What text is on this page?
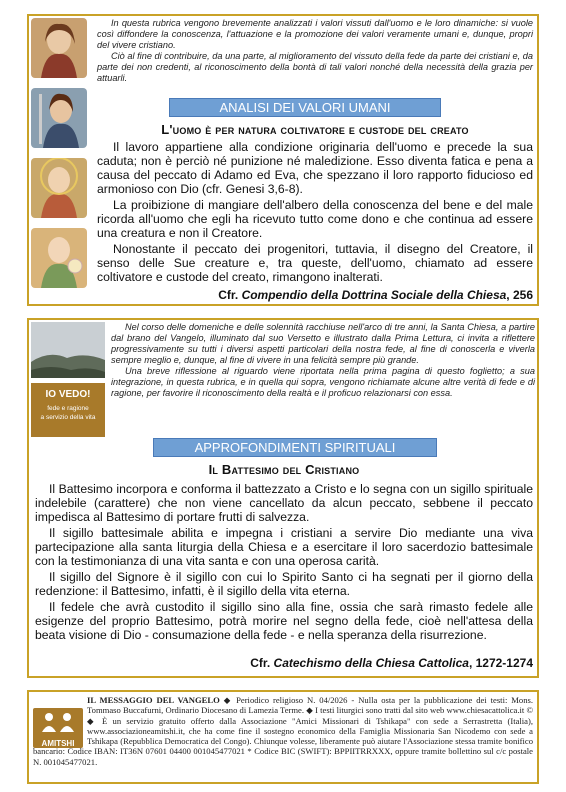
In questa rubrica vengono brevemente analizzati i valori vissuti dall'uomo e le loro dinamiche: si vuole così diffondere la conoscenza, l'attuazione e la promozione dei valori veramente umani e, dunque, propri del vivere cristiano.
Ciò al fine di contribuire, da una parte, al miglioramento del vissuto della fede da parte dei cristiani e, da parte dei non credenti, al riconoscimento della bontà di tali valori nonché della necessità della grazia per attuarli.
ANALISI DEI VALORI UMANI
L'uomo è per natura coltivatore e custode del creato
Il lavoro appartiene alla condizione originaria dell'uomo e precede la sua caduta; non è perciò né punizione né maledizione. Esso diventa fatica e pena a causa del peccato di Adamo ed Eva, che spezzano il loro rapporto fiducioso ed armonioso con Dio (cfr. Genesi 3,6-8).
La proibizione di mangiare dell'albero della conoscenza del bene e del male ricorda all'uomo che egli ha ricevuto tutto come dono e che continua ad essere una creatura e non il Creatore.
Nonostante il peccato dei progenitori, tuttavia, il disegno del Creatore, il senso delle Sue creature e, tra queste, dell'uomo, chiamato ad essere coltivatore e custode del creato, rimangono inalterati.
Cfr. Compendio della Dottrina Sociale della Chiesa, 256
IO VEDO!
fede e ragione
a servizio della vita
Nel corso delle domeniche e delle solennità racchiuse nell'arco di tre anni, la Santa Chiesa, a partire dal brano del Vangelo, illuminato dal suo Versetto e illustrato dalla Prima Lettura, ci invita a riflettere progressivamente su tutti i diversi aspetti particolari della nostra fede, al fine di conoscerla e viverla sempre meglio e, dunque, al fine di vivere in una felicità sempre più grande.
Una breve riflessione al riguardo viene riportata nella prima pagina di questo foglietto; a sua integrazione, in questa rubrica, e in quella qui sopra, vengono richiamate alcune altre verità di fede e di ragione, per favorire il riconoscimento della realtà e il proficuo relazionarsi con essa.
APPROFONDIMENTI SPIRITUALI
Il Battesimo del Cristiano
Il Battesimo incorpora e conforma il battezzato a Cristo e lo segna con un sigillo spirituale indelebile (carattere) che non viene cancellato da alcun peccato, sebbene il peccato impedisca al Battesimo di portare frutti di salvezza.
Il sigillo battesimale abilita e impegna i cristiani a servire Dio mediante una viva partecipazione alla santa liturgia della Chiesa e a esercitare il loro sacerdozio battesimale con la testimonianza di una vita santa e con una operosa carità.
Il sigillo del Signore è il sigillo con cui lo Spirito Santo ci ha segnati per il giorno della redenzione: il Battesimo, infatti, è il sigillo della vita eterna.
Il fedele che avrà custodito il sigillo sino alla fine, ossia che sarà rimasto fedele alle esigenze del proprio Battesimo, potrà morire nel segno della fede, cioè nell'attesa della beata visione di Dio - consumazione della fede - e nella speranza della risurrezione.
Cfr. Catechismo della Chiesa Cattolica, 1272-1274
AMITSHI
IL MESSAGGIO DEL VANGELO ◆ Periodico religioso N. 04/2026 - Nulla osta per la pubblicazione dei testi: Mons. Tommaso Buccafurni, Ordinario Diocesano di Lamezia Terme. ◆ I testi liturgici sono tratti dal sito web www.chiesacattolica.it © ◆ È un servizio gratuito offerto dalla Associazione "Amici Missionari di Tshikapa" con sede a Serrastretta (Italia), www.associazioneamitshi.it, che ha come fine il sostegno economico della Famiglia Missionaria San Nicodemo con sede a Tshikapa (Repubblica Democratica del Congo). Chiunque volesse, liberamente può aiutare l'Associazione stessa tramite bonifico bancario: Codice IBAN: IT36N 07601 04400 001045477021 * Codice BIC (SWIFT): BPPIITRRXXX, oppure tramite bollettino sul c/c postale N. 001045477021.
